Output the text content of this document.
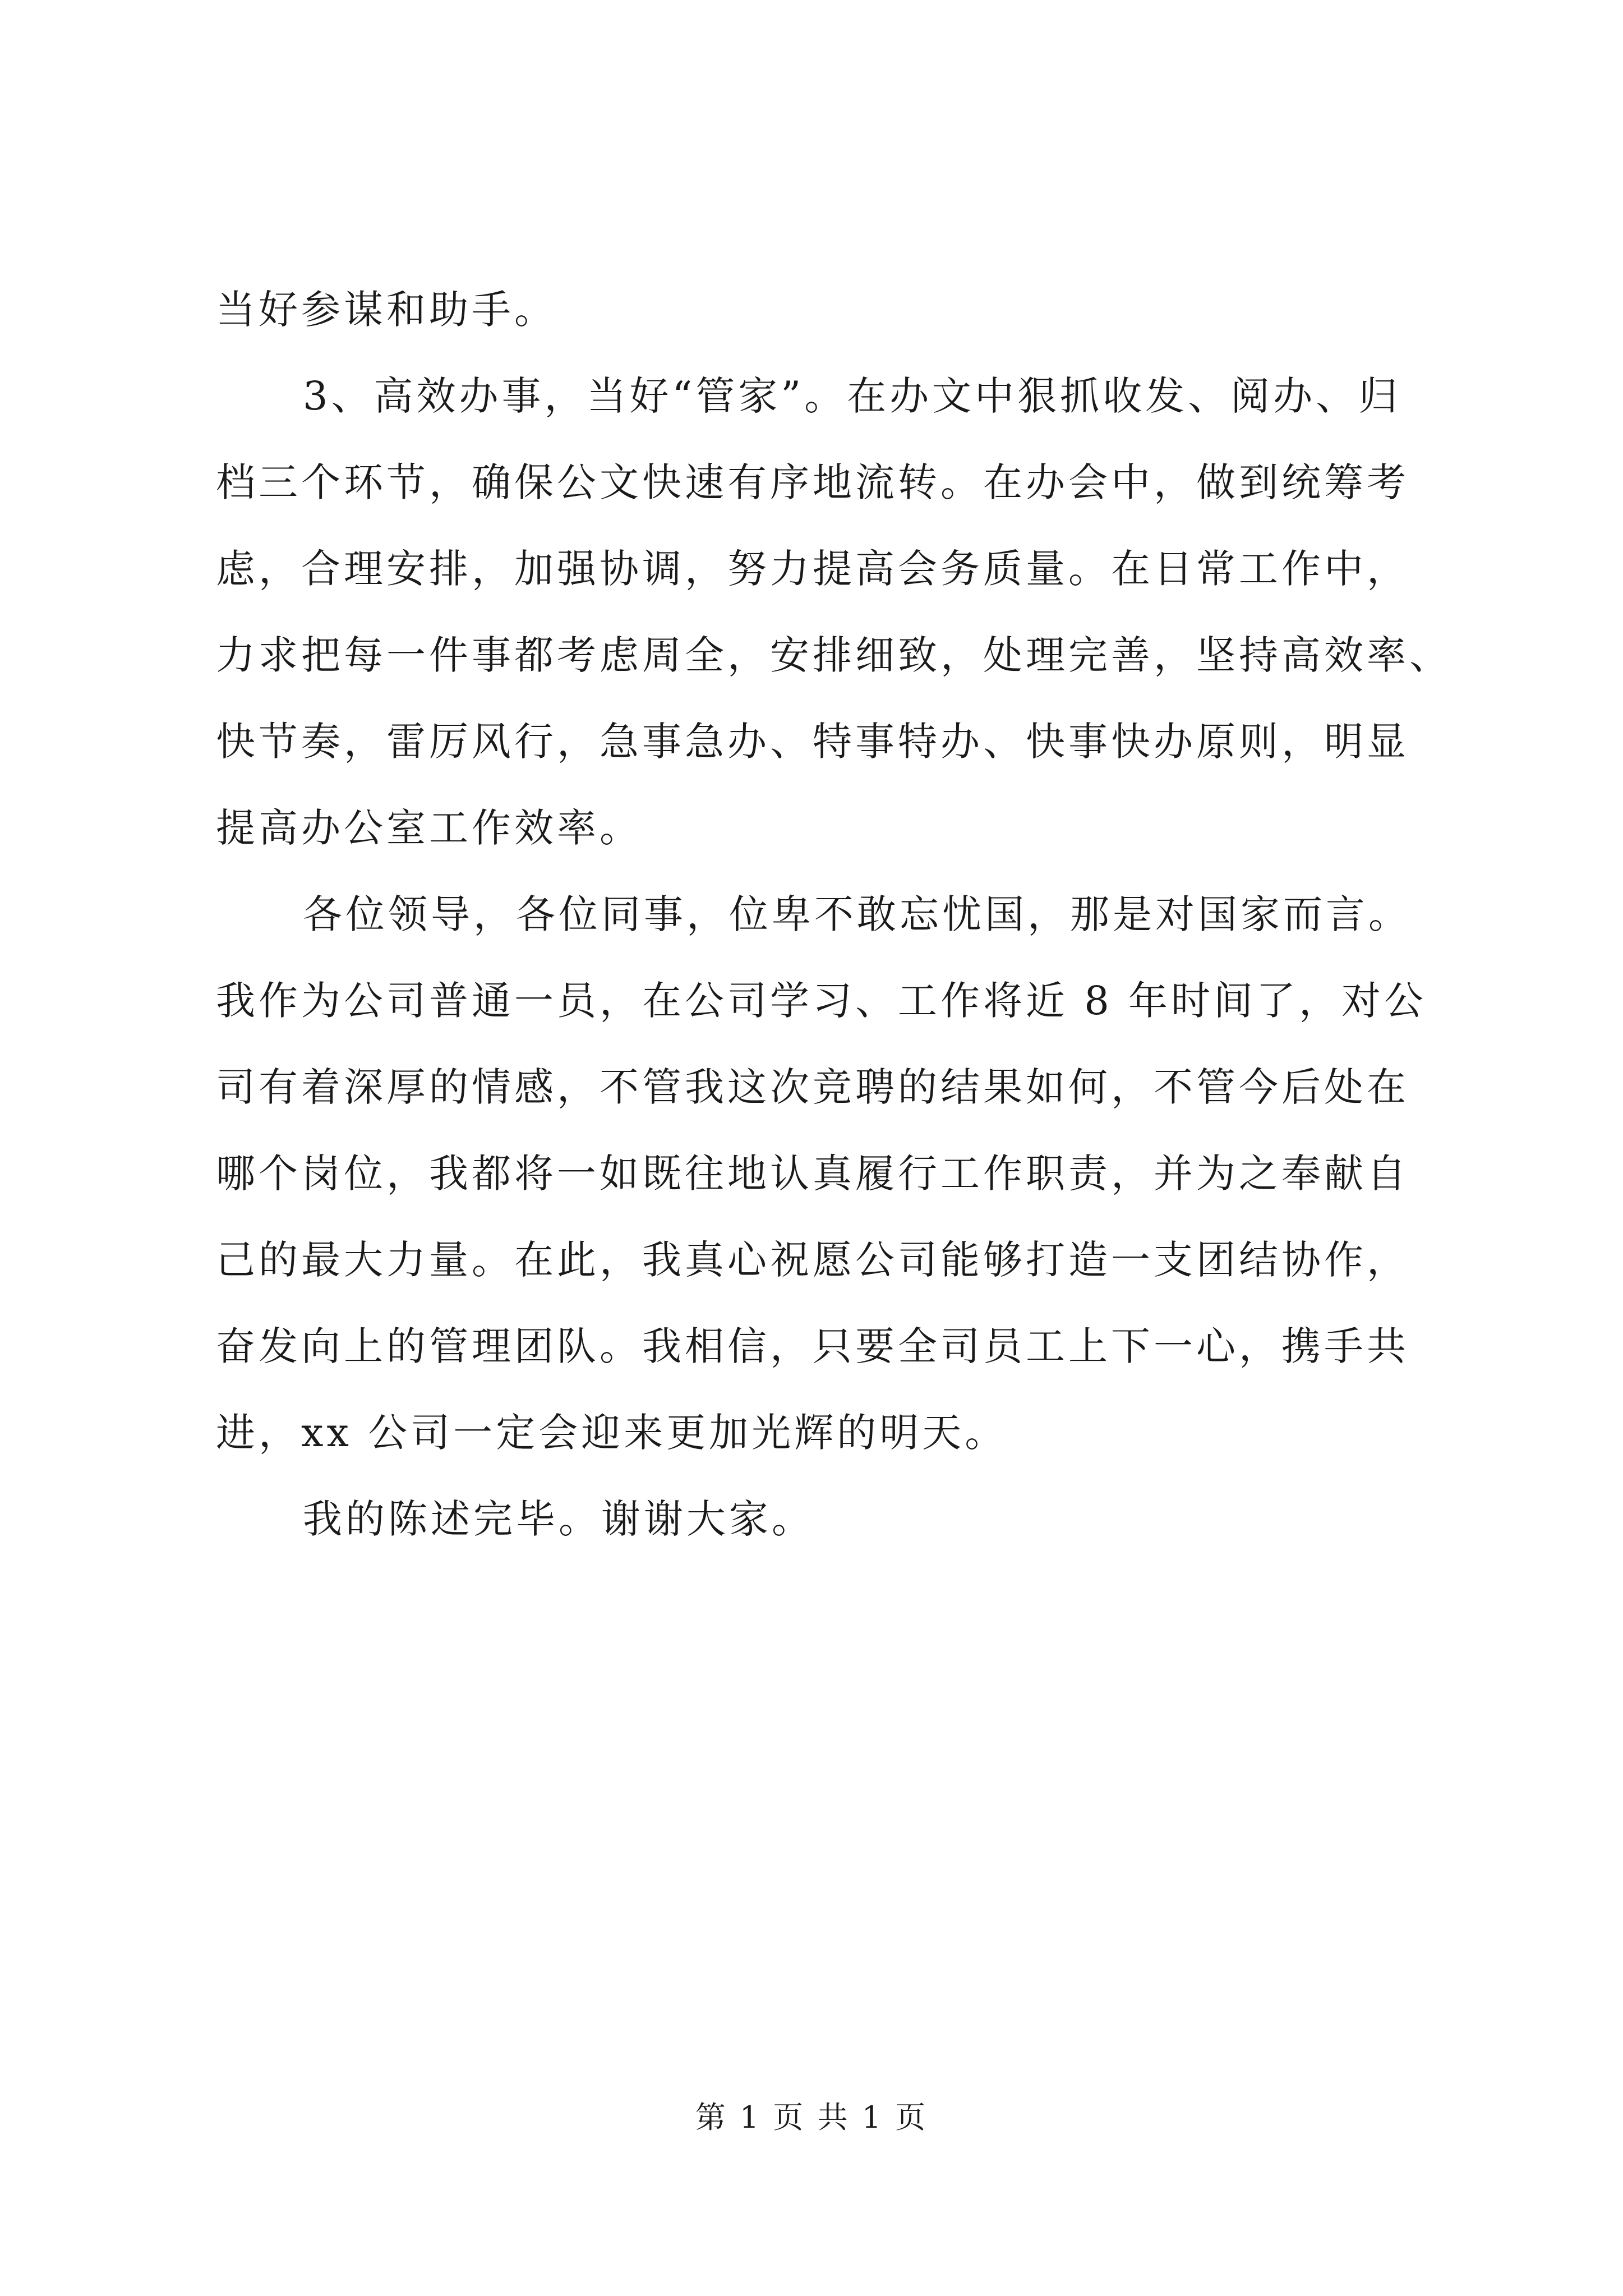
当好参谋和助手。
3、高效办事，当好“管家”。在办文中狠抓收发、阅办、归
档三个环节，确保公文快速有序地流转。在办会中，做到统筹考
虑，合理安排，加强协调，努力提高会务质量。在日常工作中，
力求把每一件事都考虑周全，安排细致，处理完善，坚持高效率、
快节奏，雷厉风行，急事急办、特事特办、快事快办原则，明显
提高办公室工作效率。
各位领导，各位同事，位卑不敢忘忧国，那是对国家而言。
我作为公司普通一员，在公司学习、工作将近 8 年时间了，对公
司有着深厚的情感，不管我这次竞聘的结果如何，不管今后处在
哪个岗位，我都将一如既往地认真履行工作职责，并为之奉献自
己的最大力量。在此，我真心祝愿公司能够打造一支团结协作，
奋发向上的管理团队。我相信，只要全司员工上下一心，携手共
进，xx 公司一定会迎来更加光辉的明天。
我的陈述完毕。谢谢大家。
第 1 页 共 1 页
